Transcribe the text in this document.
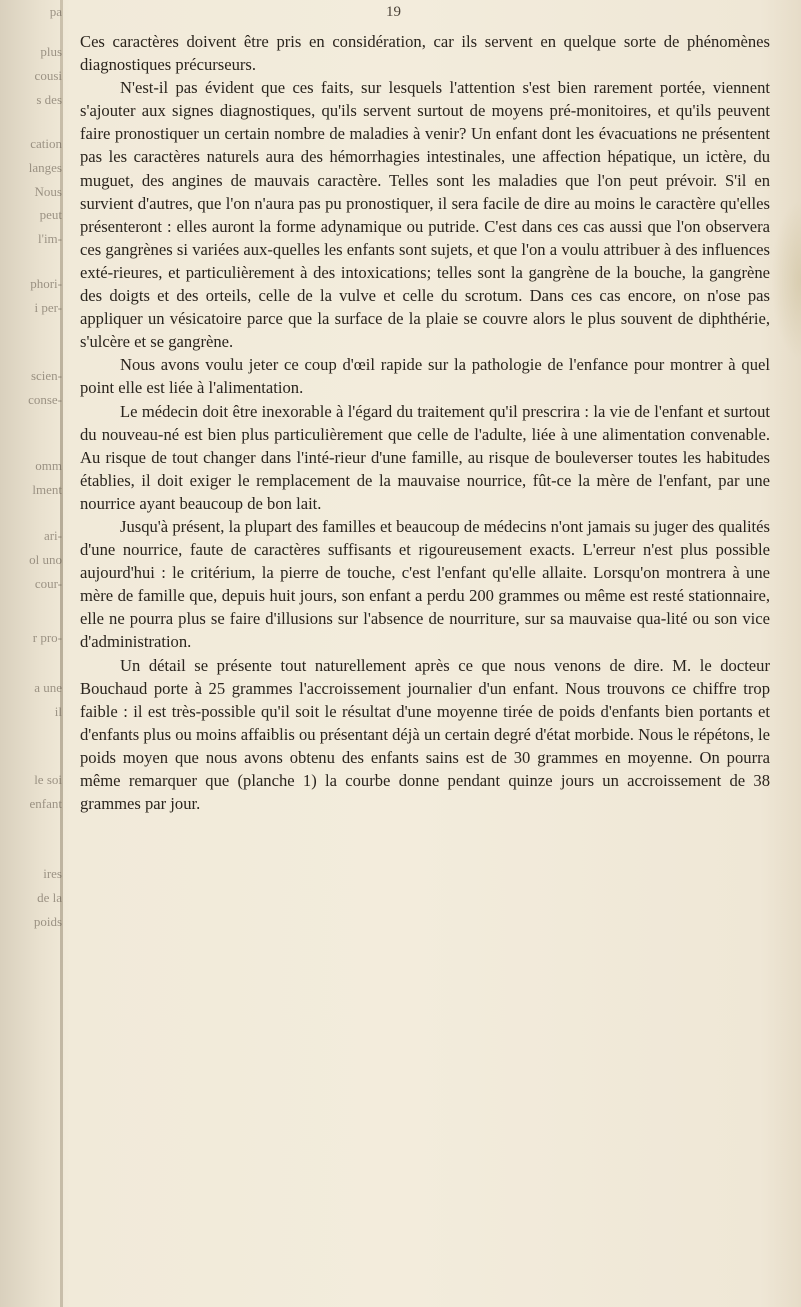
pa
plus
cousi
s des
cation
langes
Nous
peut
l'im-
phori-
i per-
scien-
conse-
omm
lment
ari-
ol uno
cour-
r pro-
a une
il
le soi
enfant
ires
de la
poids
19

Ces caractères doivent être pris en considération, car ils servent en quelque sorte de phénomènes diagnostiques précurseurs.

N'est-il pas évident que ces faits, sur lesquels l'attention s'est bien rarement portée, viennent s'ajouter aux signes diagnostiques, qu'ils servent surtout de moyens pré-monitoires, et qu'ils peuvent faire pronostiquer un certain nombre de maladies à venir? Un enfant dont les évacuations ne présentent pas les caractères naturels aura des hémorrhagies intestinales, une affection hépatique, un ictère, du muguet, des angines de mauvais caractère. Telles sont les maladies que l'on peut prévoir. S'il en survient d'autres, que l'on n'aura pas pu pronostiquer, il sera facile de dire au moins le caractère qu'elles présenteront : elles auront la forme adynamique ou putride. C'est dans ces cas aussi que l'on observera ces gangrènes si variées aux-quelles les enfants sont sujets, et que l'on a voulu attribuer à des influences exté-rieures, et particulièrement à des intoxications; telles sont la gangrène de la bouche, la gangrène des doigts et des orteils, celle de la vulve et celle du scrotum. Dans ces cas encore, on n'ose pas appliquer un vésicatoire parce que la surface de la plaie se couvre alors le plus souvent de diphthérie, s'ulcère et se gangrène.

Nous avons voulu jeter ce coup d'œil rapide sur la pathologie de l'enfance pour montrer à quel point elle est liée à l'alimentation.

Le médecin doit être inexorable à l'égard du traitement qu'il prescrira : la vie de l'enfant et surtout du nouveau-né est bien plus particulièrement que celle de l'adulte, liée à une alimentation convenable. Au risque de tout changer dans l'inté-rieur d'une famille, au risque de bouleverser toutes les habitudes établies, il doit exiger le remplacement de la mauvaise nourrice, fût-ce la mère de l'enfant, par une nourrice ayant beaucoup de bon lait.

Jusqu'à présent, la plupart des familles et beaucoup de médecins n'ont jamais su juger des qualités d'une nourrice, faute de caractères suffisants et rigoureusement exacts. L'erreur n'est plus possible aujourd'hui : le critérium, la pierre de touche, c'est l'enfant qu'elle allaite. Lorsqu'on montrera à une mère de famille que, depuis huit jours, son enfant a perdu 200 grammes ou même est resté stationnaire, elle ne pourra plus se faire d'illusions sur l'absence de nourriture, sur sa mauvaise qua-lité ou son vice d'administration.

Un détail se présente tout naturellement après ce que nous venons de dire. M. le docteur Bouchaud porte à 25 grammes l'accroissement journalier d'un enfant. Nous trouvons ce chiffre trop faible : il est très-possible qu'il soit le résultat d'une moyenne tirée de poids d'enfants bien portants et d'enfants plus ou moins affaiblis ou présentant déjà un certain degré d'état morbide. Nous le répétons, le poids moyen que nous avons obtenu des enfants sains est de 30 grammes en moyenne. On pourra même remarquer que (planche 1) la courbe donne pendant quinze jours un accroissement de 38 grammes par jour.
